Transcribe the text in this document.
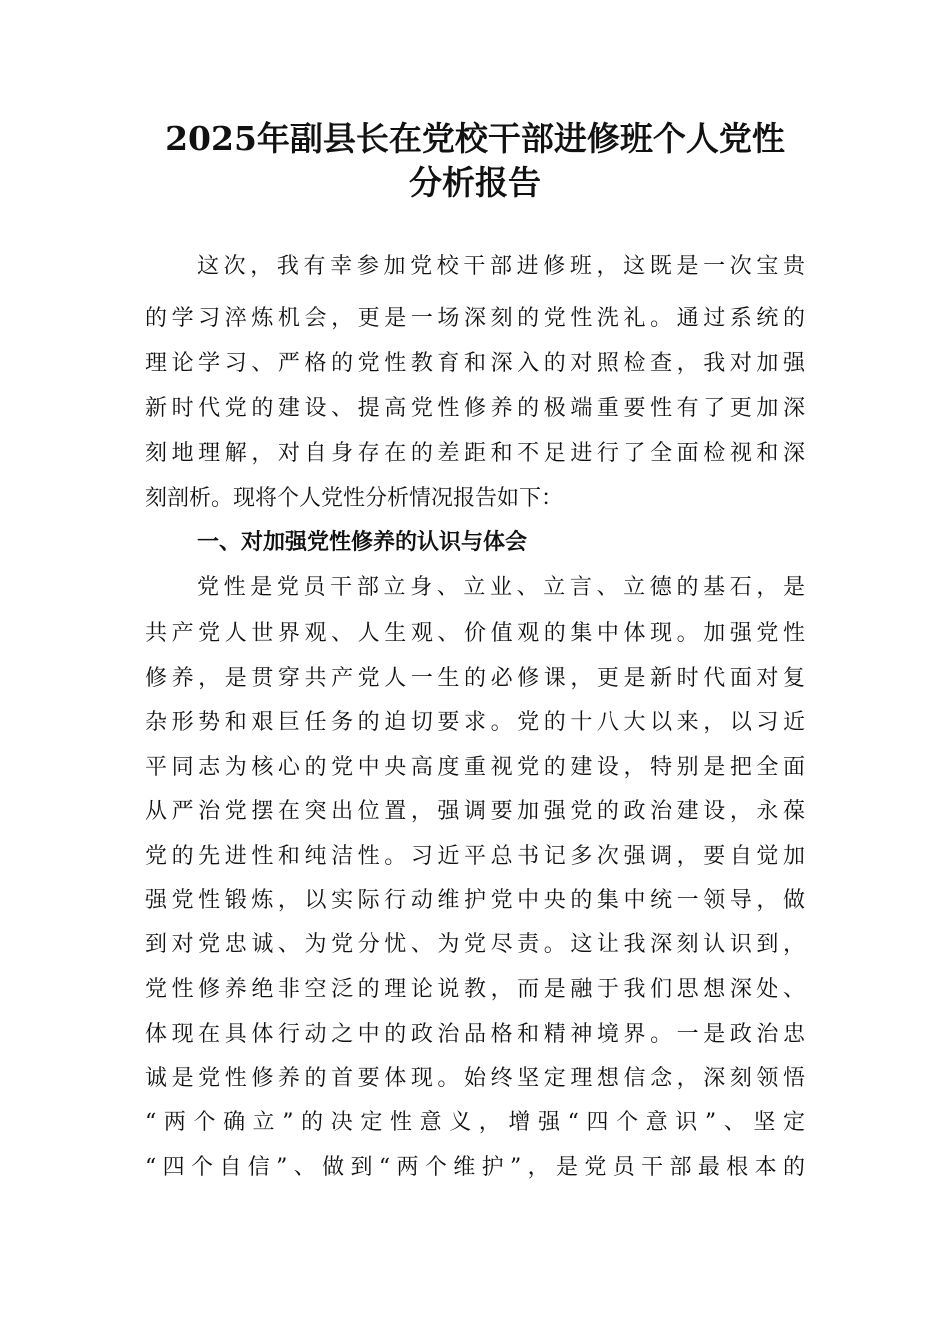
2025年副县长在党校干部进修班个人党性
分析报告
这次，我有幸参加党校干部进修班，这既是一次宝贵
的学习淬炼机会，更是一场深刻的党性洗礼。通过系统的
理论学习、严格的党性教育和深入的对照检查，我对加强
新时代党的建设、提高党性修养的极端重要性有了更加深
刻地理解，对自身存在的差距和不足进行了全面检视和深
刻剖析。现将个人党性分析情况报告如下：
一、对加强党性修养的认识与体会
党性是党员干部立身、立业、立言、立德的基石，是
共产党人世界观、人生观、价值观的集中体现。加强党性
修养，是贯穿共产党人一生的必修课，更是新时代面对复
杂形势和艰巨任务的迫切要求。党的十八大以来，以习近
平同志为核心的党中央高度重视党的建设，特别是把全面
从严治党摆在突出位置，强调要加强党的政治建设，永葆
党的先进性和纯洁性。习近平总书记多次强调，要自觉加
强党性锻炼，以实际行动维护党中央的集中统一领导，做
到对党忠诚、为党分忧、为党尽责。这让我深刻认识到，
党性修养绝非空泛的理论说教，而是融于我们思想深处、
体现在具体行动之中的政治品格和精神境界。一是政治忠
诚是党性修养的首要体现。始终坚定理想信念，深刻领悟
“两个确立”的决定性意义，增强“四个意识”、坚定
“四个自信”、做到“两个维护”，是党员干部最根本的
